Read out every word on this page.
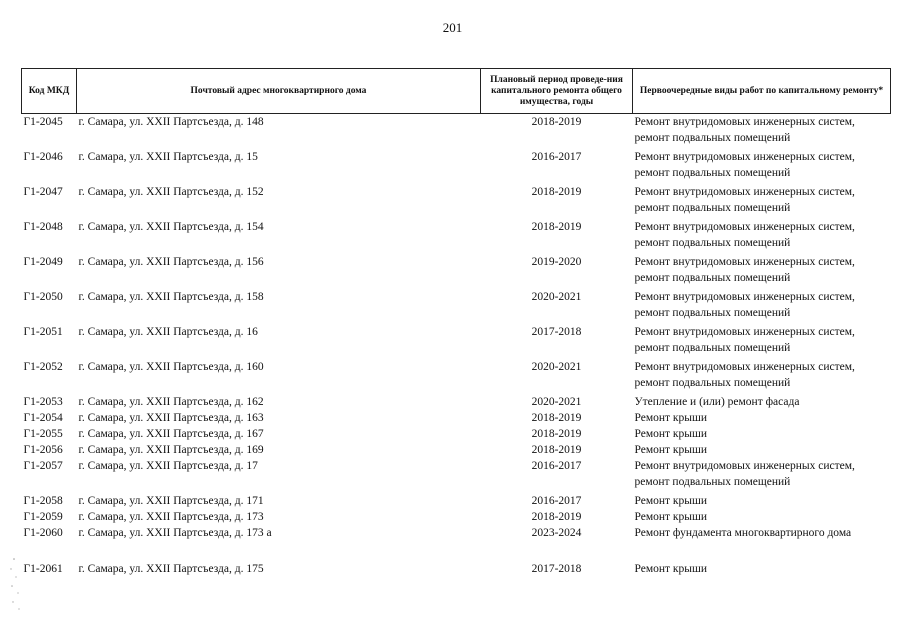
201
Код МКД	Почтовый адрес многоквартирного дома	Плановый период проведе-ния капитального ремонта общего имущества, годы	Первоочередные виды работ по капитальному ремонту*
Г1-2045	г. Самара, ул. XXII Партсъезда, д. 148	2018-2019	Ремонт внутридомовых инженерных систем, ремонт подвальных помещений

Г1-2046	г. Самара, ул. XXII Партсъезда, д. 15	2016-2017	Ремонт внутридомовых инженерных систем, ремонт подвальных помещений

Г1-2047	г. Самара, ул. XXII Партсъезда, д. 152	2018-2019	Ремонт внутридомовых инженерных систем, ремонт подвальных помещений

Г1-2048	г. Самара, ул. XXII Партсъезда, д. 154	2018-2019	Ремонт внутридомовых инженерных систем, ремонт подвальных помещений

Г1-2049	г. Самара, ул. XXII Партсъезда, д. 156	2019-2020	Ремонт внутридомовых инженерных систем, ремонт подвальных помещений

Г1-2050	г. Самара, ул. XXII Партсъезда, д. 158	2020-2021	Ремонт внутридомовых инженерных систем, ремонт подвальных помещений

Г1-2051	г. Самара, ул. XXII Партсъезда, д. 16	2017-2018	Ремонт внутридомовых инженерных систем, ремонт подвальных помещений

Г1-2052	г. Самара, ул. XXII Партсъезда, д. 160	2020-2021	Ремонт внутридомовых инженерных систем, ремонт подвальных помещений

Г1-2053	г. Самара, ул. XXII Партсъезда, д. 162	2020-2021	Утепление и (или) ремонт фасада
Г1-2054	г. Самара, ул. XXII Партсъезда, д. 163	2018-2019	Ремонт крыши
Г1-2055	г. Самара, ул. XXII Партсъезда, д. 167	2018-2019	Ремонт крыши
Г1-2056	г. Самара, ул. XXII Партсъезда, д. 169	2018-2019	Ремонт крыши
Г1-2057	г. Самара, ул. XXII Партсъезда, д. 17	2016-2017	Ремонт внутридомовых инженерных систем, ремонт подвальных помещений

Г1-2058	г. Самара, ул. XXII Партсъезда, д. 171	2016-2017	Ремонт крыши
Г1-2059	г. Самара, ул. XXII Партсъезда, д. 173	2018-2019	Ремонт крыши
Г1-2060	г. Самара, ул. XXII Партсъезда, д. 173 а	2023-2024	Ремонт фундамента многоквартирного дома

Г1-2061	г. Самара, ул. XXII Партсъезда, д. 175	2017-2018	Ремонт крыши
